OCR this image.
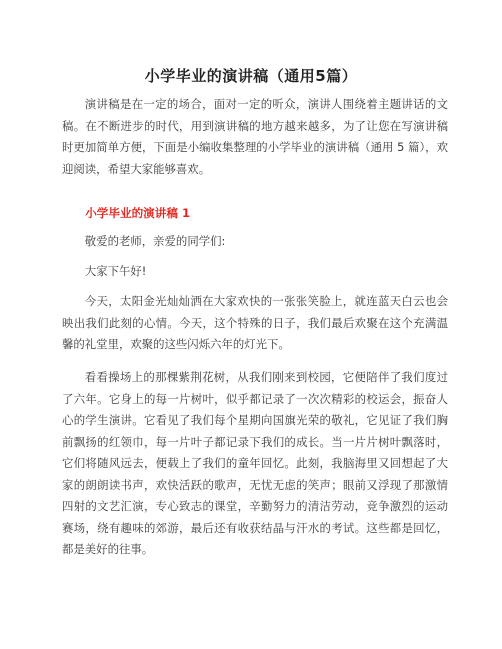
小学毕业的演讲稿（通用5篇）

演讲稿是在一定的场合，面对一定的听众，演讲人围绕着主题讲话的文稿。在不断进步的时代，用到演讲稿的地方越来越多，为了让您在写演讲稿时更加简单方便，下面是小编收集整理的小学毕业的演讲稿（通用 5 篇），欢迎阅读，希望大家能够喜欢。

小学毕业的演讲稿 1

敬爱的老师，亲爱的同学们:

大家下午好!

今天，太阳金光灿灿洒在大家欢快的一张张笑脸上，就连蓝天白云也会映出我们此刻的心情。今天，这个特殊的日子，我们最后欢聚在这个充满温馨的礼堂里，欢聚的这些闪烁六年的灯光下。

看看操场上的那棵紫荆花树，从我们刚来到校园，它便陪伴了我们度过了六年。它身上的每一片树叶，似乎都记录了一次次精彩的校运会，振奋人心的学生演讲。它看见了我们每个星期向国旗光荣的敬礼，它见证了我们胸前飘扬的红领巾，每一片叶子都记录下我们的成长。当一片片树叶飘落时，它们将随风远去，便载上了我们的童年回忆。此刻，我脑海里又回想起了大家的朗朗读书声，欢快活跃的歌声，无忧无虑的笑声；眼前又浮现了那激情四射的文艺汇演，专心致志的课堂，辛勤努力的清洁劳动，竞争激烈的运动赛场，绕有趣味的郊游，最后还有收获结晶与汗水的考试。这些都是回忆，都是美好的往事。
